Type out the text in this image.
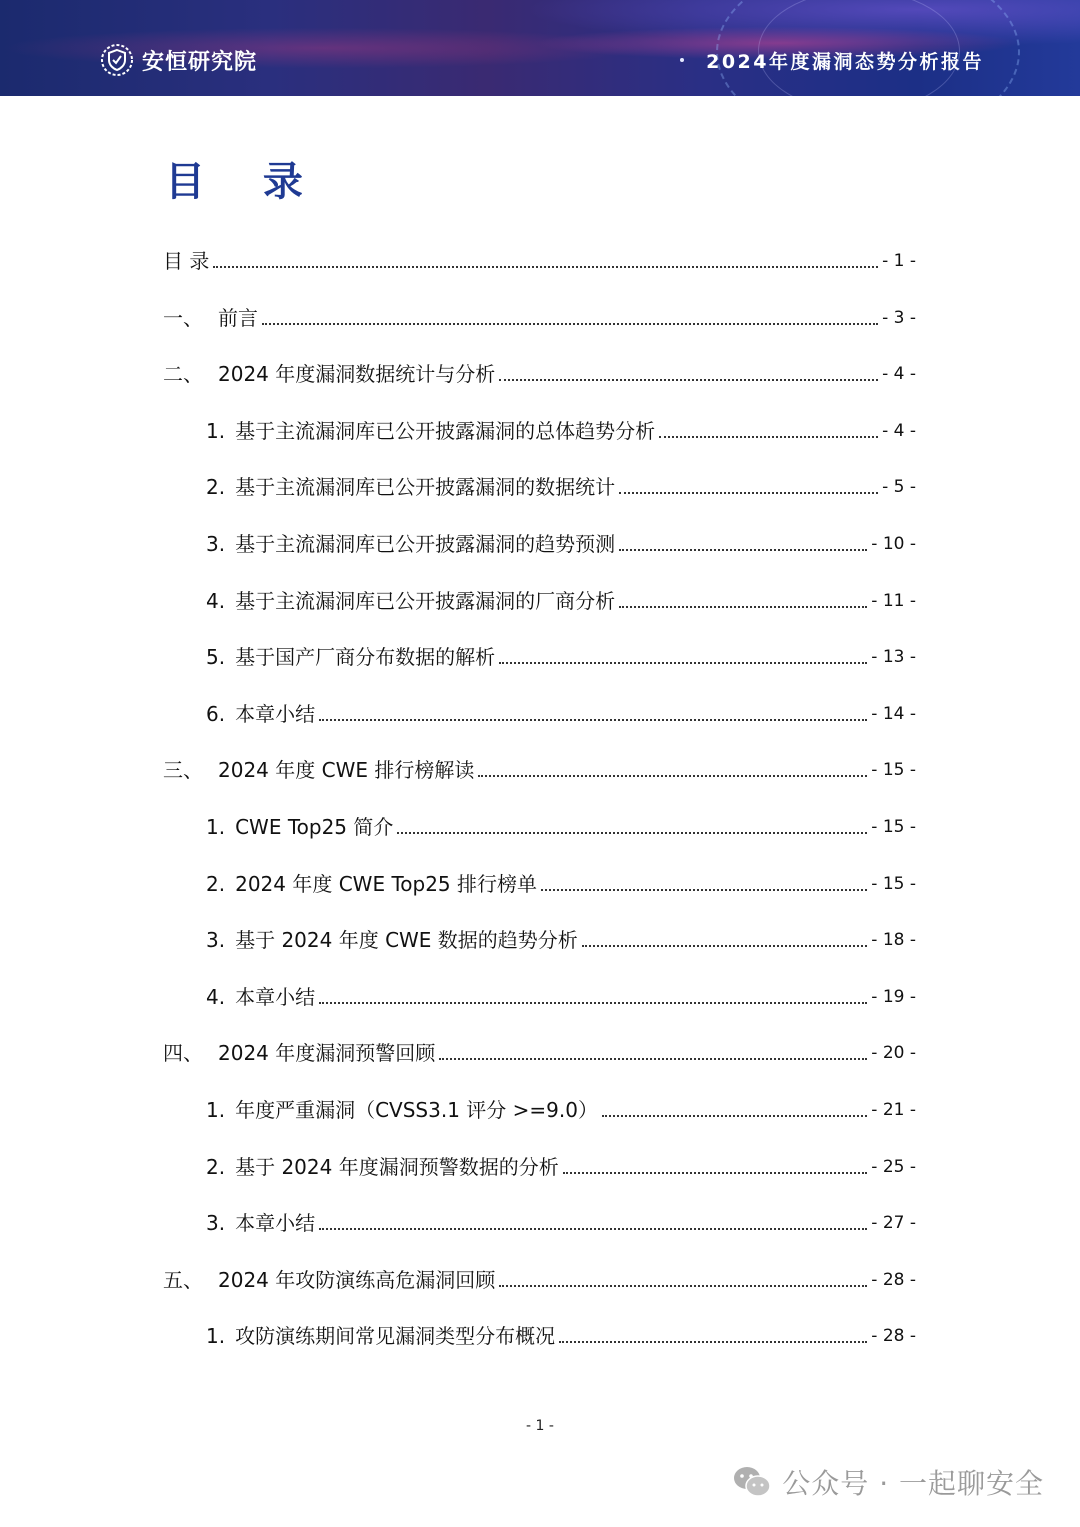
安恒研究院	2024年度漏洞态势分析报告
目 录
目 录	- 1 -
一、 前言	- 3 -
二、 2024 年度漏洞数据统计与分析	- 4 -
1. 基于主流漏洞库已公开披露漏洞的总体趋势分析	- 4 -
2. 基于主流漏洞库已公开披露漏洞的数据统计	- 5 -
3. 基于主流漏洞库已公开披露漏洞的趋势预测	- 10 -
4. 基于主流漏洞库已公开披露漏洞的厂商分析	- 11 -
5. 基于国产厂商分布数据的解析	- 13 -
6. 本章小结	- 14 -
三、 2024 年度 CWE 排行榜解读	- 15 -
1. CWE Top25 简介	- 15 -
2. 2024 年度 CWE Top25 排行榜单	- 15 -
3. 基于 2024 年度 CWE 数据的趋势分析	- 18 -
4. 本章小结	- 19 -
四、 2024 年度漏洞预警回顾	- 20 -
1. 年度严重漏洞（CVSS3.1 评分 >=9.0）	- 21 -
2. 基于 2024 年度漏洞预警数据的分析	- 25 -
3. 本章小结	- 27 -
五、 2024 年攻防演练高危漏洞回顾	- 28 -
1. 攻防演练期间常见漏洞类型分布概况	- 28 -
- 1 -
公众号 · 一起聊安全
